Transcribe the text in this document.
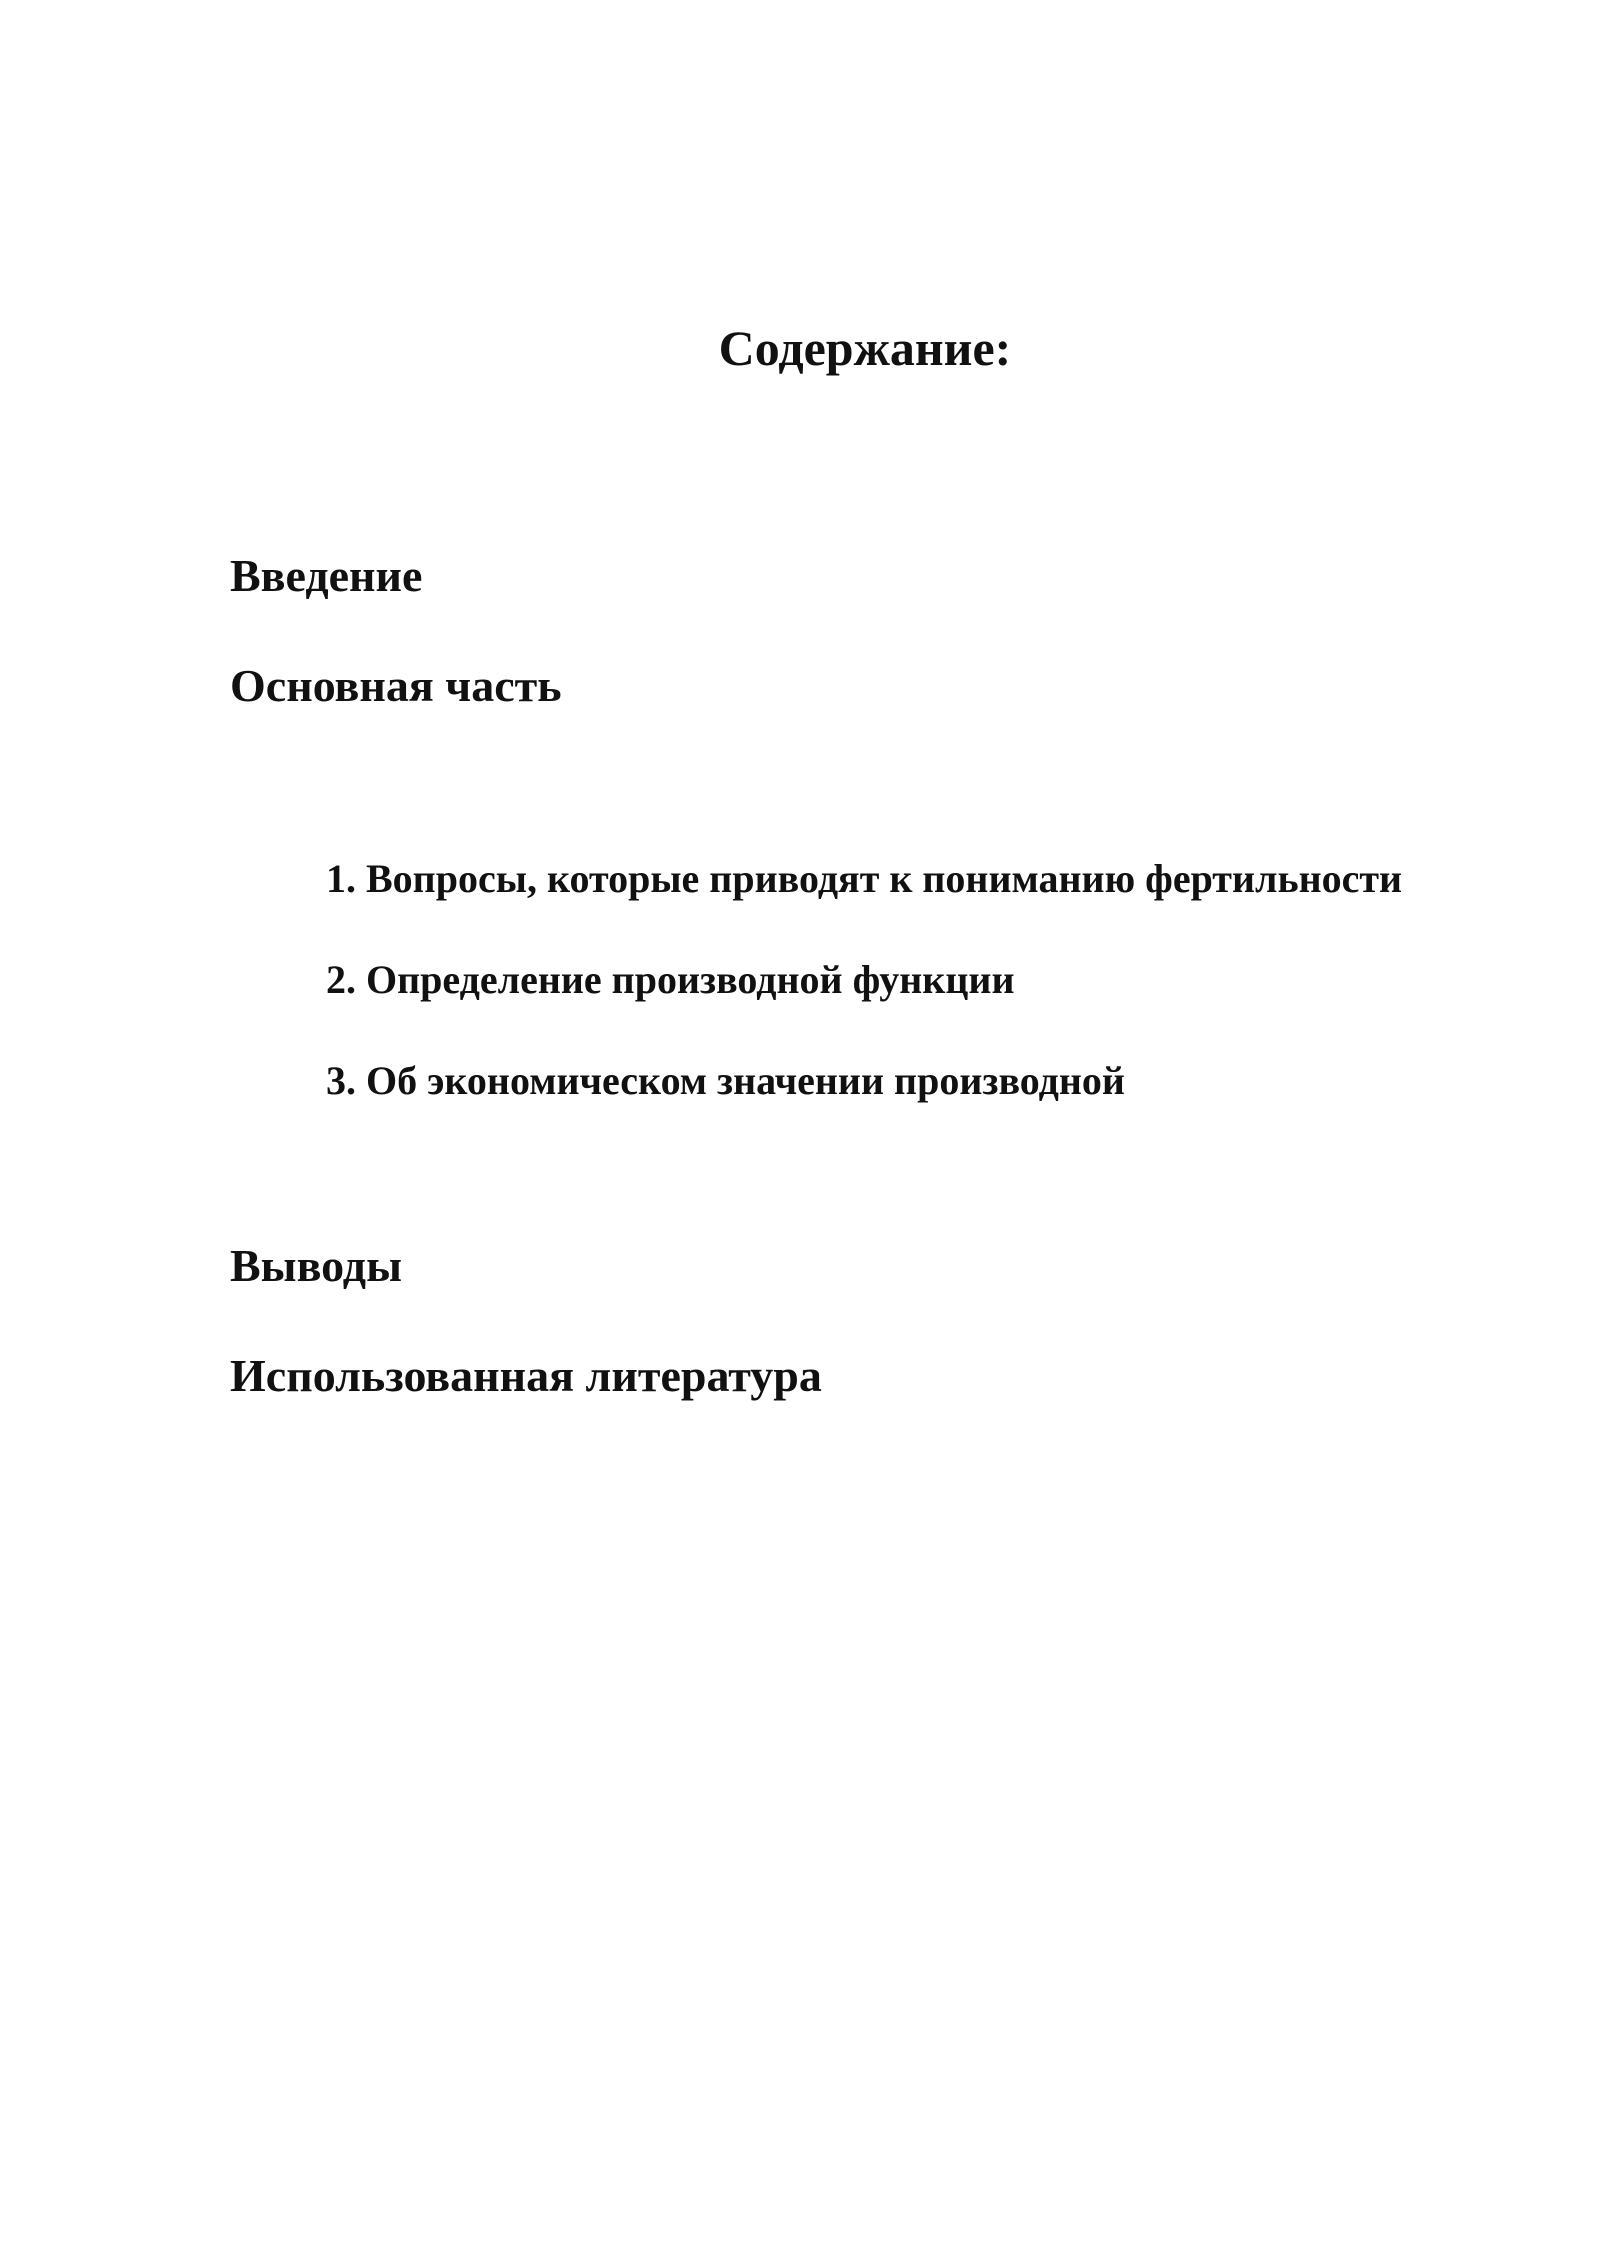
Содержание:

Введение

Основная часть

1. Вопросы, которые приводят к пониманию фертильности
2. Определение производной функции
3. Об экономическом значении производной

Выводы

Использованная литература
